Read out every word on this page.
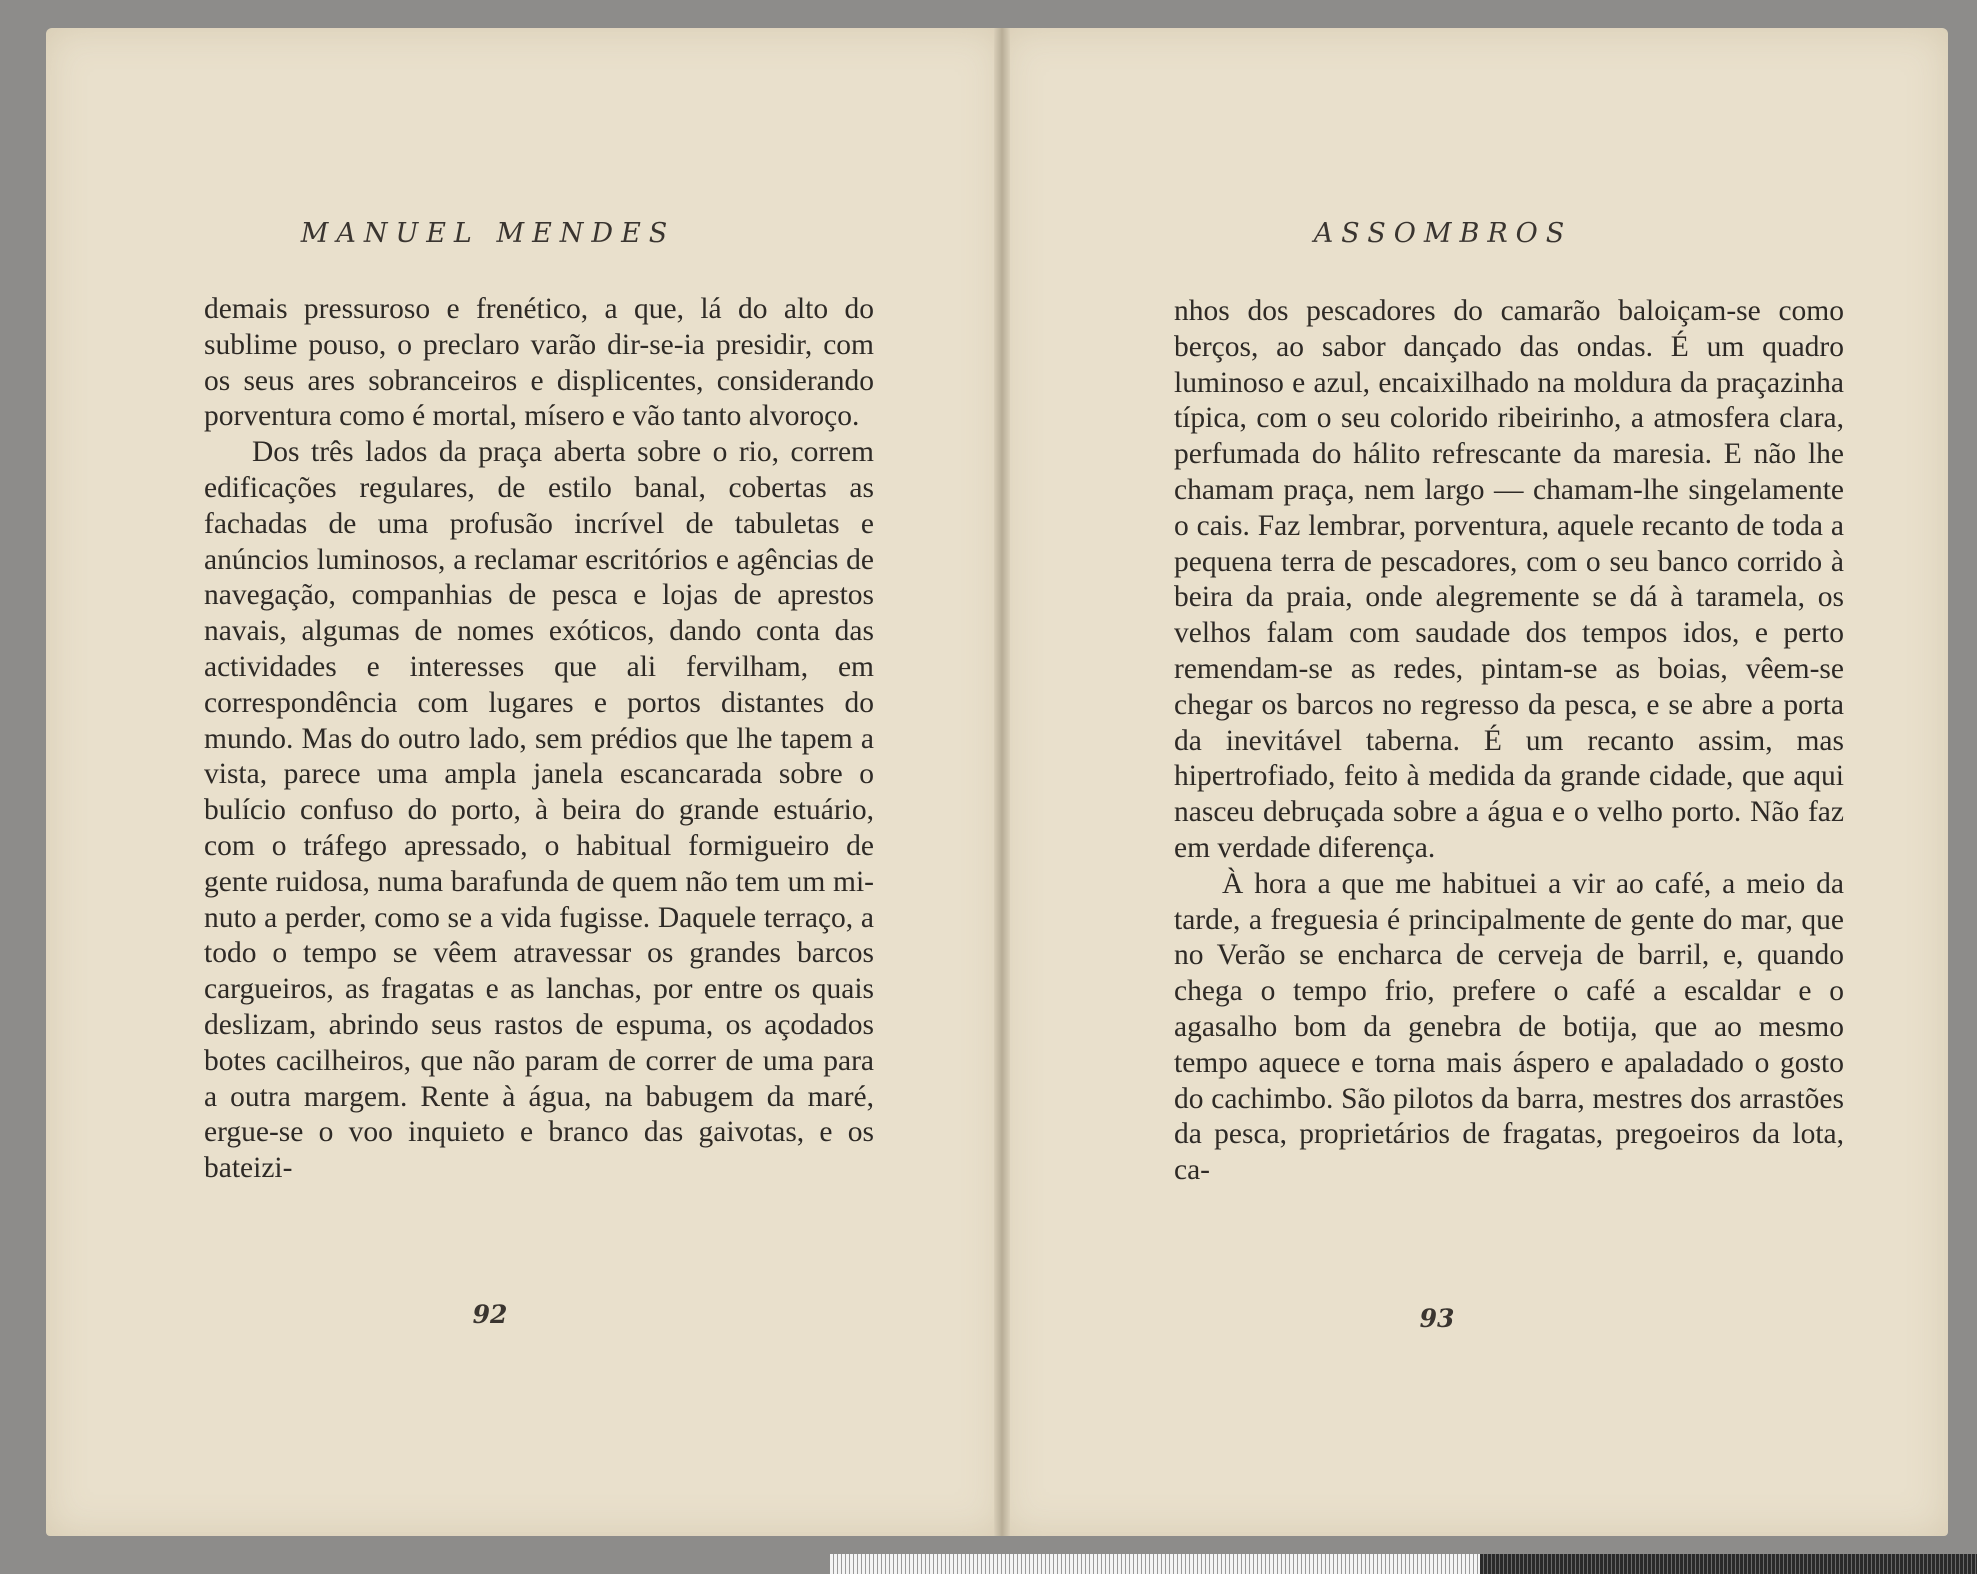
MANUEL MENDES

demais pressuroso e frenético, a que, lá do alto do sublime pouso, o preclaro varão dir-se-ia presidir, com os seus ares sobranceiros e displicentes, considerando porventura como é mortal, mísero e vão tanto alvoroço.

Dos três lados da praça aberta sobre o rio, correm edificações regulares, de estilo banal, cobertas as fachadas de uma profusão incrível de tabuletas e anúncios luminosos, a reclamar escritórios e agências de navegação, companhias de pesca e lojas de aprestos navais, algumas de nomes exóticos, dando conta das actividades e interesses que ali fervilham, em correspondência com lugares e portos distantes do mundo. Mas do outro lado, sem prédios que lhe tapem a vista, parece uma ampla janela escancarada sobre o bulício confuso do porto, à beira do grande estuário, com o tráfego apressado, o habitual formigueiro de gente ruidosa, numa barafunda de quem não tem um minuto a perder, como se a vida fugisse. Daquele terraço, a todo o tempo se vêem atravessar os grandes barcos cargueiros, as fragatas e as lanchas, por entre os quais deslizam, abrindo seus rastos de espuma, os açodados botes cacilheiros, que não param de correr de uma para a outra margem. Rente à água, na babugem da maré, ergue-se o voo inquieto e branco das gaivotas, e os bateizi-

92
ASSOMBROS

nhos dos pescadores do camarão baloiçam-se como berços, ao sabor dançado das ondas. É um quadro luminoso e azul, encaixilhado na moldura da praçazinha típica, com o seu colorido ribeirinho, a atmosfera clara, perfumada do hálito refrescante da maresia. E não lhe chamam praça, nem largo — chamam-lhe singelamente o cais. Faz lembrar, porventura, aquele recanto de toda a pequena terra de pescadores, com o seu banco corrido à beira da praia, onde alegremente se dá à taramela, os velhos falam com saudade dos tempos idos, e perto remendam-se as redes, pintam-se as boias, vêem-se chegar os barcos no regresso da pesca, e se abre a porta da inevitável taberna. É um recanto assim, mas hipertrofiado, feito à medida da grande cidade, que aqui nasceu debruçada sobre a água e o velho porto. Não faz em verdade diferença.

À hora a que me habituei a vir ao café, a meio da tarde, a freguesia é principalmente de gente do mar, que no Verão se encharca de cerveja de barril, e, quando chega o tempo frio, prefere o café a escaldar e o agasalho bom da genebra de botija, que ao mesmo tempo aquece e torna mais áspero e apaladado o gosto do cachimbo. São pilotos da barra, mestres dos arrastões da pesca, proprietários de fragatas, pregoeiros da lota, ca-

93
